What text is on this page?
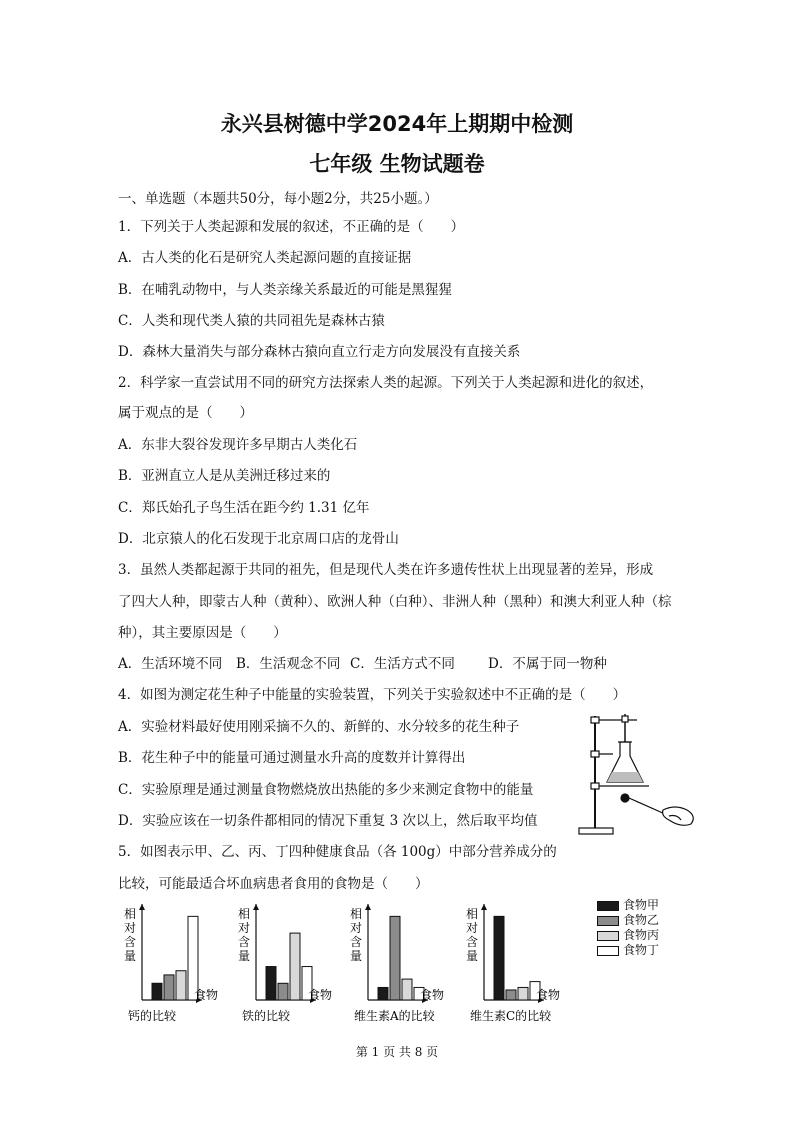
永兴县树德中学2024年上期期中检测
七年级 生物试题卷
一、单选题（本题共50分，每小题2分，共25小题。）
1．下列关于人类起源和发展的叙述，不正确的是（　　）
A．古人类的化石是研究人类起源问题的直接证据
B．在哺乳动物中，与人类亲缘关系最近的可能是黑猩猩
C．人类和现代类人猿的共同祖先是森林古猿
D．森林大量消失与部分森林古猿向直立行走方向发展没有直接关系
2．科学家一直尝试用不同的研究方法探索人类的起源。下列关于人类起源和进化的叙述，
属于观点的是（　　）
A．东非大裂谷发现许多早期古人类化石
B．亚洲直立人是从美洲迁移过来的
C．郑氏始孔子鸟生活在距今约 1.31 亿年
D．北京猿人的化石发现于北京周口店的龙骨山
3．虽然人类都起源于共同的祖先，但是现代人类在许多遗传性状上出现显著的差异，形成
了四大人种，即蒙古人种（黄种）、欧洲人种（白种）、非洲人种（黑种）和澳大利亚人种（棕
种），其主要原因是（　　）
A．生活环境不同 B．生活观念不同 C．生活方式不同 D．不属于同一物种
4．如图为测定花生种子中能量的实验装置，下列关于实验叙述中不正确的是（　　）
A．实验材料最好使用刚采摘不久的、新鲜的、水分较多的花生种子
B．花生种子中的能量可通过测量水升高的度数并计算得出
C．实验原理是通过测量食物燃烧放出热能的多少来测定食物中的能量
D．实验应该在一切条件都相同的情况下重复 3 次以上，然后取平均值
5．如图表示甲、乙、丙、丁四种健康食品（各 100g）中部分营养成分的
比较，可能最适合坏血病患者食用的食物是（　　）
相
对
含
量
食物
钙的比较
相
对
含
量
食物
铁的比较
相
对
含
量
食物
维生素A的比较
相
对
含
量
食物
维生素C的比较
食物甲
食物乙
食物丙
食物丁
第 1 页 共 8 页
